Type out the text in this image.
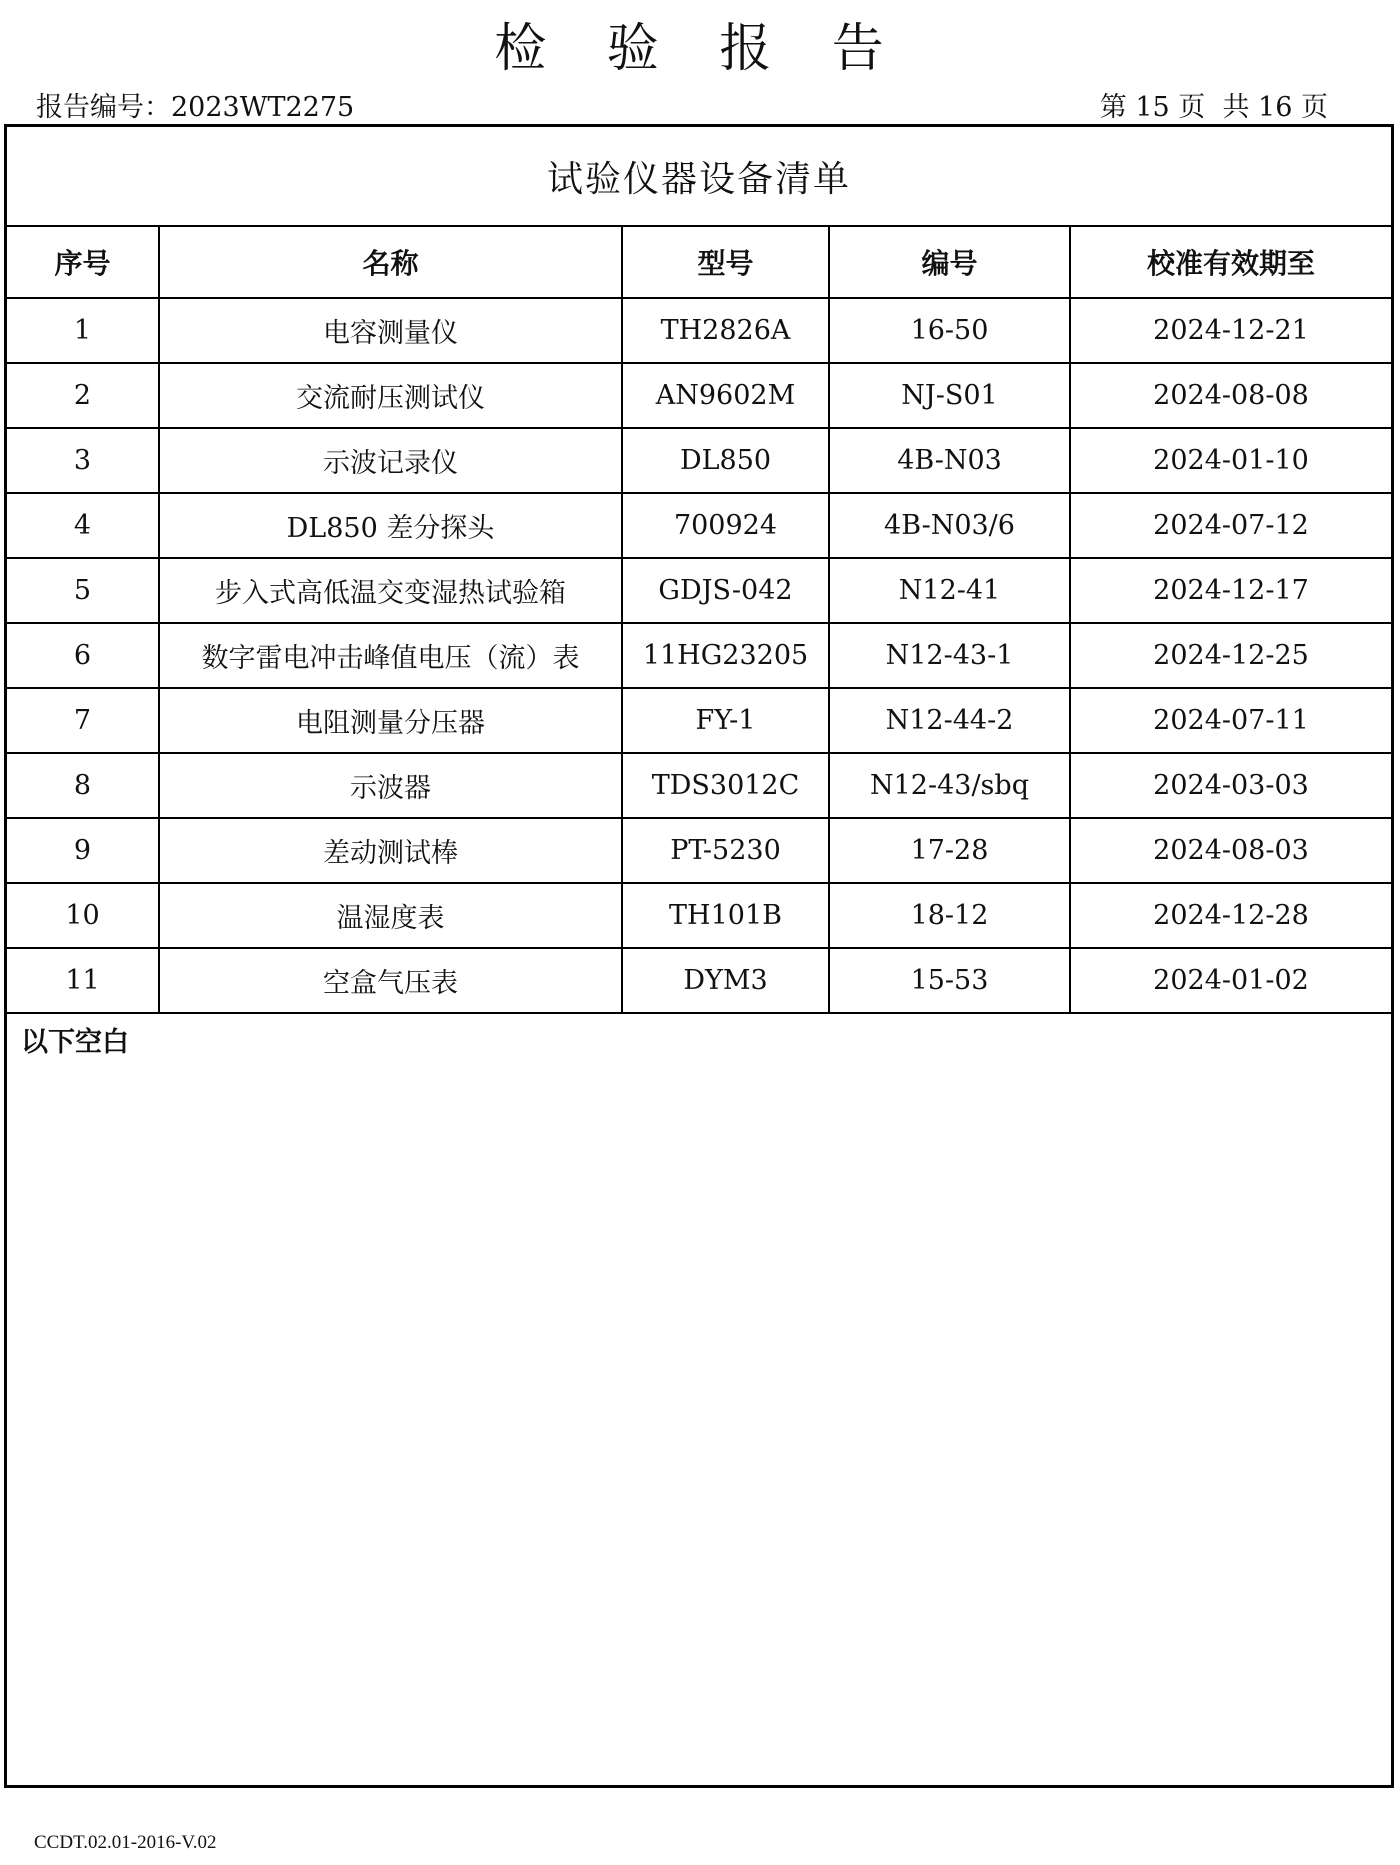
检 验 报 告
报告编号：2023WT2275	第 15 页  共 16 页
试验仪器设备清单
序号	名称	型号	编号	校准有效期至
1	电容测量仪	TH2826A	16-50	2024-12-21
2	交流耐压测试仪	AN9602M	NJ-S01	2024-08-08
3	示波记录仪	DL850	4B-N03	2024-01-10
4	DL850 差分探头	700924	4B-N03/6	2024-07-12
5	步入式高低温交变湿热试验箱	GDJS-042	N12-41	2024-12-17
6	数字雷电冲击峰值电压（流）表	11HG23205	N12-43-1	2024-12-25
7	电阻测量分压器	FY-1	N12-44-2	2024-07-11
8	示波器	TDS3012C	N12-43/sbq	2024-03-03
9	差动测试棒	PT-5230	17-28	2024-08-03
10	温湿度表	TH101B	18-12	2024-12-28
11	空盒气压表	DYM3	15-53	2024-01-02
以下空白
CCDT.02.01-2016-V.02
